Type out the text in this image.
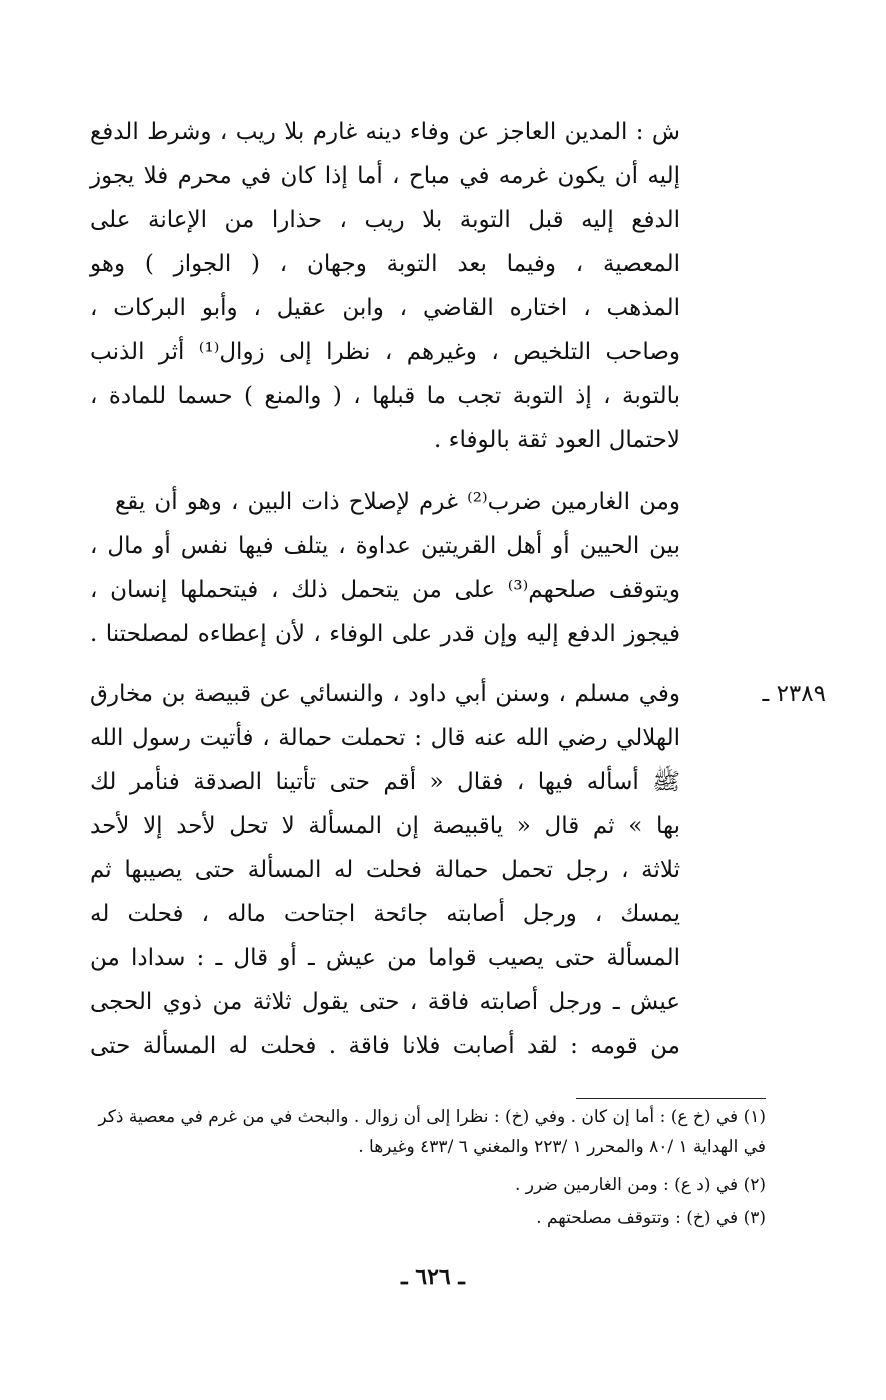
ش : المدين العاجز عن وفاء دينه غارم بلا ريب ، وشرط الدفع
إليه أن يكون غرمه في مباح ، أما إذا كان في محرم فلا يجوز
الدفع إليه قبل التوبة بلا ريب ، حذارا من الإعانة على
المعصية ، وفيما بعد التوبة وجهان ، ( الجواز ) وهو
المذهب ، اختاره القاضي ، وابن عقيل ، وأبو البركات ،
وصاحب التلخيص ، وغيرهم ، نظرا إلى زوال⁽¹⁾ أثر الذنب
بالتوبة ، إذ التوبة تجب ما قبلها ، ( والمنع ) حسما للمادة ،
لاحتمال العود ثقة بالوفاء .
ومن الغارمين ضرب⁽²⁾ غرم لإصلاح ذات البين ، وهو أن يقع
بين الحيين أو أهل القريتين عداوة ، يتلف فيها نفس أو مال ،
ويتوقف صلحهم⁽³⁾ على من يتحمل ذلك ، فيتحملها إنسان ،
فيجوز الدفع إليه وإن قدر على الوفاء ، لأن إعطاءه لمصلحتنا .
٢٣٨٩ ـ
وفي مسلم ، وسنن أبي داود ، والنسائي عن قبيصة بن مخارق
الهلالي رضي الله عنه قال : تحملت حمالة ، فأتيت رسول الله
ﷺ أسأله فيها ، فقال « أقم حتى تأتينا الصدقة فنأمر لك
بها » ثم قال « ياقبيصة إن المسألة لا تحل لأحد إلا لأحد
ثلاثة ، رجل تحمل حمالة فحلت له المسألة حتى يصيبها ثم
يمسك ، ورجل أصابته جائحة اجتاحت ماله ، فحلت له
المسألة حتى يصيب قواما من عيش ـ أو قال ـ : سدادا من
عيش ـ ورجل أصابته فاقة ، حتى يقول ثلاثة من ذوي الحجى
من قومه : لقد أصابت فلانا فاقة . فحلت له المسألة حتى
(١) في (خ ع) : أما إن كان . وفي (خ) : نظرا إلى أن زوال . والبحث في من غرم في معصية ذكر
في الهداية ١ /٨٠ والمحرر ١ /٢٢٣ والمغني ٦ /٤٣٣ وغيرها .
(٢) في (د ع) : ومن الغارمين ضرر .
(٣) في (خ) : وتتوقف مصلحتهم .
ـ ٦٢٦ ـ
